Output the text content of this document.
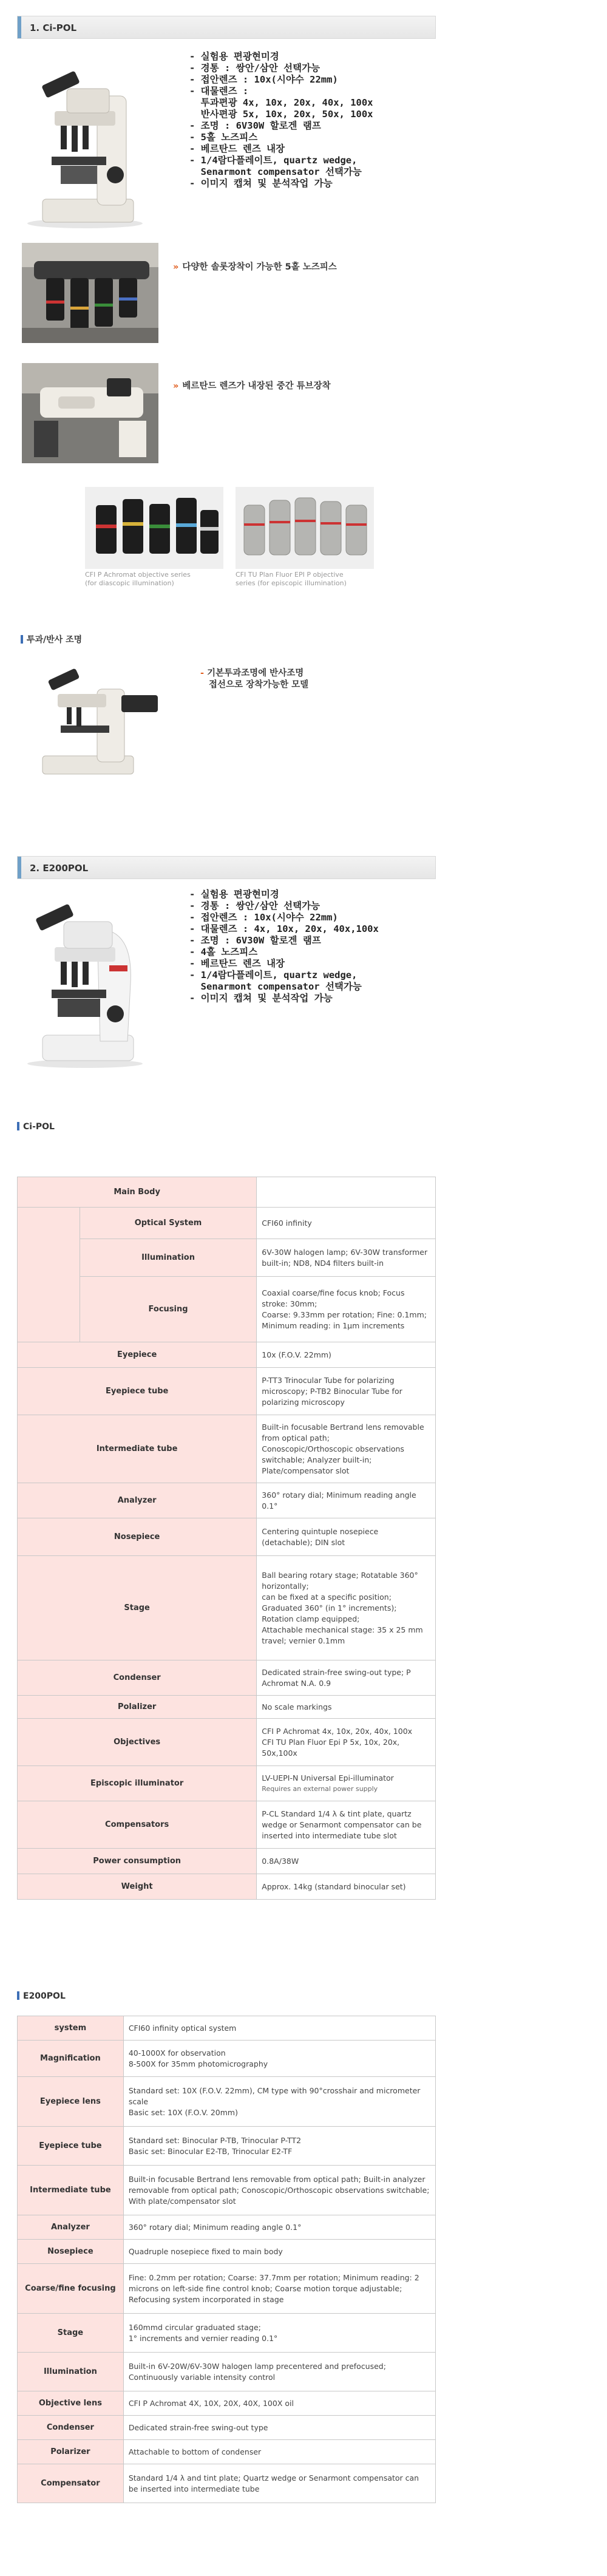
1. Ci-POL
- 실험용 편광현미경
- 경통 : 쌍안/삼안 선택가능
- 접안렌즈 : 10x(시야수 22mm)
- 대물렌즈 :
투과편광 4x, 10x, 20x, 40x, 100x
반사편광 5x, 10x, 20x, 50x, 100x
- 조명 : 6V30W 할로겐 램프
- 5홀 노즈피스
- 베르탄드 렌즈 내장
- 1/4람다플레이트, quartz wedge,
Senarmont compensator 선택가능
- 이미지 캡쳐 및 분석작업 가능
» 다양한 솔롯장착이 가능한 5홀 노즈피스
» 베르탄드 렌즈가 내장된 중간 튜브장착
CFI P Achromat objective series
(for diascopic illumination)
CFI TU Plan Fluor EPI P objective
series (for episcopic illumination)
투과/반사 조명
- 기본투과조명에 반사조명
접선으로 장착가능한 모델
2. E200POL
- 실험용 편광현미경
- 경통 : 쌍안/삼안 선택가능
- 접안렌즈 : 10x(시야수 22mm)
- 대물렌즈 : 4x, 10x, 20x, 40x,100x
- 조명 : 6V30W 할로겐 램프
- 4홀 노즈피스
- 베르탄드 렌즈 내장
- 1/4람다플레이트, quartz wedge,
Senarmont compensator 선택가능
- 이미지 캡쳐 및 분석작업 가능
Ci-POL
Main Body		
	Optical System	CFI60 infinity
	Illumination	6V-30W halogen lamp; 6V-30W transformer built-in; ND8, ND4 filters built-in
	Focusing	Coaxial coarse/fine focus knob; Focus stroke: 30mm;
Coarse: 9.33mm per rotation; Fine: 0.1mm;
Minimum reading: in 1μm increments

Eyepiece		10x (F.O.V. 22mm)
Eyepiece tube		P-TT3 Trinocular Tube for polarizing microscopy; P-TB2 Binocular Tube for polarizing microscopy
Intermediate tube		Built-in focusable Bertrand lens removable from optical path;
Conoscopic/Orthoscopic observations switchable; Analyzer built-in;
Plate/compensator slot

Analyzer		360° rotary dial; Minimum reading angle 0.1°
Nosepiece		Centering quintuple nosepiece (detachable); DIN slot
Stage		Ball bearing rotary stage; Rotatable 360° horizontally;
can be fixed at a specific position;
Graduated 360° (in 1° increments);
Rotation clamp equipped;
Attachable mechanical stage: 35 x 25 mm travel; vernier 0.1mm

Condenser		Dedicated strain-free swing-out type; P Achromat N.A. 0.9
Polalizer		No scale markings
Objectives		CFI P Achromat 4x, 10x, 20x, 40x, 100x
CFI TU Plan Fluor Epi P 5x, 10x, 20x, 50x,100x

Episcopic illuminator		LV-UEPI-N Universal Epi-illuminator
Requires an external power supply

Compensators		P-CL Standard 1/4 λ & tint plate, quartz wedge or Senarmont compensator can be inserted into intermediate tube slot
Power consumption		0.8A/38W
Weight		Approx. 14kg (standard binocular set)
E200POL
system	CFI60 infinity optical system
Magnification	40-1000X for observation
8-500X for 35mm photomicrography

Eyepiece lens	Standard set: 10X (F.O.V. 22mm), CM type with 90°crosshair and micrometer scale
Basic set: 10X (F.O.V. 20mm)

Eyepiece tube	Standard set: Binocular P-TB, Trinocular P-TT2
Basic set: Binocular E2-TB, Trinocular E2-TF

Intermediate tube	Built-in focusable Bertrand lens removable from optical path; Built-in analyzer removable from optical path; Conoscopic/Orthoscopic observations switchable; With plate/compensator slot
Analyzer	360° rotary dial; Minimum reading angle 0.1°
Nosepiece	Quadruple nosepiece fixed to main body
Coarse/fine focusing	Fine: 0.2mm per rotation; Coarse: 37.7mm per rotation; Minimum reading: 2 microns on left-side fine control knob; Coarse motion torque adjustable; Refocusing system incorporated in stage
Stage	160mmd circular graduated stage;
1° increments and vernier reading 0.1°

Illumination	Built-in 6V-20W/6V-30W halogen lamp precentered and prefocused; Continuously variable intensity control
Objective lens	CFI P Achromat 4X, 10X, 20X, 40X, 100X oil
Condenser	Dedicated strain-free swing-out type
Polarizer	Attachable to bottom of condenser
Compensator	Standard 1/4 λ and tint plate; Quartz wedge or Senarmont compensator can be inserted into intermediate tube
